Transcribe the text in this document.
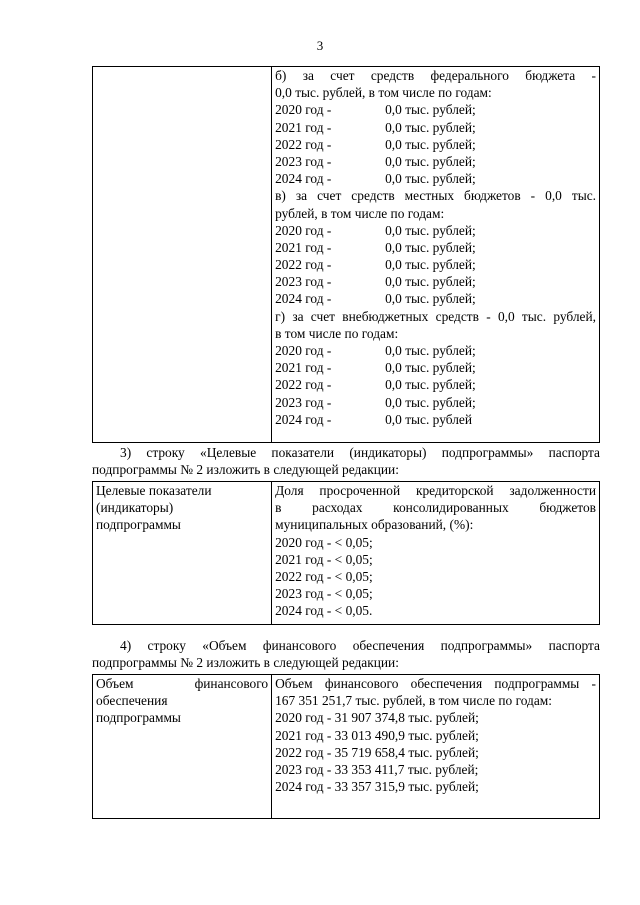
3

б) за счет средств федерального бюджета -
0,0 тыс. рублей, в том числе по годам:
2020 год -	0,0 тыс. рублей;
2021 год -	0,0 тыс. рублей;
2022 год -	0,0 тыс. рублей;
2023 год -	0,0 тыс. рублей;
2024 год -	0,0 тыс. рублей;
в) за счет средств местных бюджетов - 0,0 тыс.
рублей, в том числе по годам:
2020 год -	0,0 тыс. рублей;
2021 год -	0,0 тыс. рублей;
2022 год -	0,0 тыс. рублей;
2023 год -	0,0 тыс. рублей;
2024 год -	0,0 тыс. рублей;
г) за счет внебюджетных средств - 0,0 тыс. рублей,
в том числе по годам:
2020 год -	0,0 тыс. рублей;
2021 год -	0,0 тыс. рублей;
2022 год -	0,0 тыс. рублей;
2023 год -	0,0 тыс. рублей;
2024 год -	0,0 тыс. рублей
3) строку «Целевые показатели (индикаторы) подпрограммы» паспорта
подпрограммы № 2 изложить в следующей редакции:
Целевые показатели
(индикаторы)
подпрограммы

Доля просроченной кредиторской задолженности
в расходах консолидированных бюджетов
муниципальных образований, (%):
2020 год - < 0,05;
2021 год - < 0,05;
2022 год - < 0,05;
2023 год - < 0,05;
2024 год - < 0,05.
4) строку «Объем финансового обеспечения подпрограммы» паспорта
подпрограммы № 2 изложить в следующей редакции:
Объем	финансового
обеспечения
подпрограммы

Объем финансового обеспечения подпрограммы -
167 351 251,7 тыс. рублей, в том числе по годам:
2020 год - 31 907 374,8 тыс. рублей;
2021 год - 33 013 490,9 тыс. рублей;
2022 год - 35 719 658,4 тыс. рублей;
2023 год - 33 353 411,7 тыс. рублей;
2024 год - 33 357 315,9 тыс. рублей;
